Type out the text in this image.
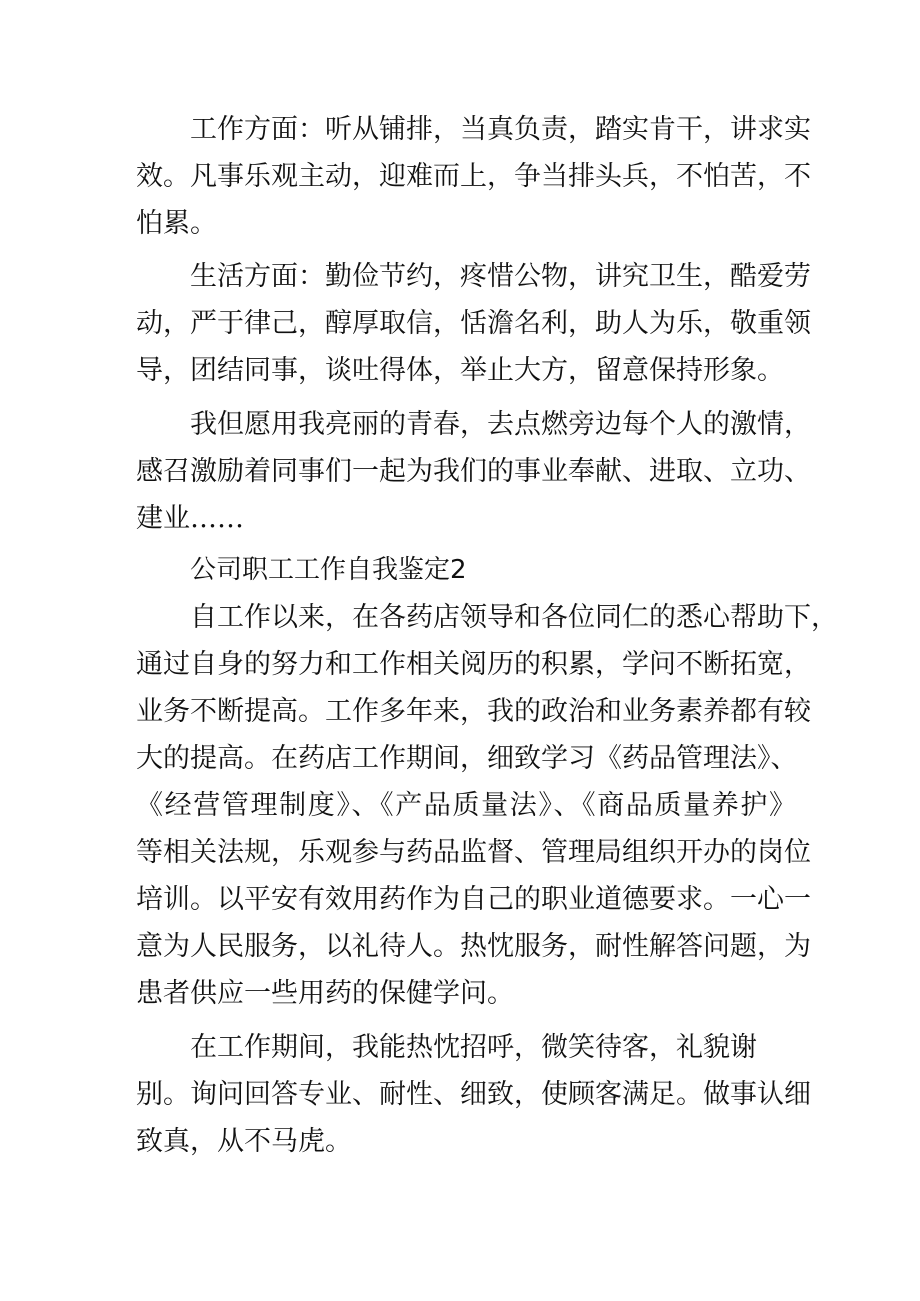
工作方面：听从铺排，当真负责，踏实肯干，讲求实
效。凡事乐观主动，迎难而上，争当排头兵，不怕苦，不
怕累。
生活方面：勤俭节约，疼惜公物，讲究卫生，酷爱劳
动，严于律己，醇厚取信，恬澹名利，助人为乐，敬重领
导，团结同事，谈吐得体，举止大方，留意保持形象。
我但愿用我亮丽的青春，去点燃旁边每个人的激情，
感召激励着同事们一起为我们的事业奉献、进取、立功、
建业……
公司职工工作自我鉴定2
自工作以来，在各药店领导和各位同仁的悉心帮助下，
通过自身的努力和工作相关阅历的积累，学问不断拓宽，
业务不断提高。工作多年来，我的政治和业务素养都有较
大的提高。在药店工作期间，细致学习《药品管理法》、
《经营管理制度》、《产品质量法》、《商品质量养护》
等相关法规，乐观参与药品监督、管理局组织开办的岗位
培训。以平安有效用药作为自己的职业道德要求。一心一
意为人民服务，以礼待人。热忱服务，耐性解答问题，为
患者供应一些用药的保健学问。
在工作期间，我能热忱招呼，微笑待客，礼貌谢
别。询问回答专业、耐性、细致，使顾客满足。做事认细
致真，从不马虎。
